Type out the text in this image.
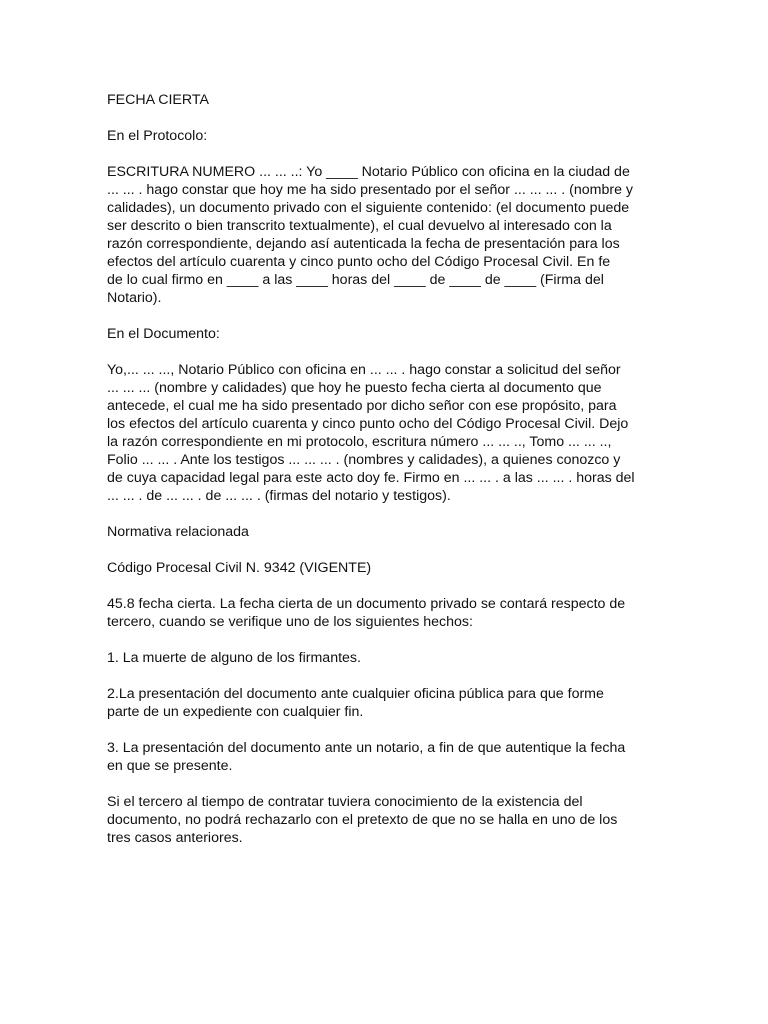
FECHA CIERTA

En el Protocolo:

ESCRITURA NUMERO ... ... ..: Yo ____ Notario Público con oficina en la ciudad de
... ... . hago constar que hoy me ha sido presentado por el señor ... ... ... . (nombre y
calidades), un documento privado con el siguiente contenido: (el documento puede
ser descrito o bien transcrito textualmente), el cual devuelvo al interesado con la
razón correspondiente, dejando así autenticada la fecha de presentación para los
efectos del artículo cuarenta y cinco punto ocho del Código Procesal Civil. En fe
de lo cual firmo en ____ a las ____ horas del ____ de ____ de ____ (Firma del
Notario).

En el Documento:

Yo,... ... ..., Notario Público con oficina en ... ... . hago constar a solicitud del señor
... ... ... (nombre y calidades) que hoy he puesto fecha cierta al documento que
antecede, el cual me ha sido presentado por dicho señor con ese propósito, para
los efectos del artículo cuarenta y cinco punto ocho del Código Procesal Civil. Dejo
la razón correspondiente en mi protocolo, escritura número ... ... .., Tomo ... ... ..,
Folio ... ... . Ante los testigos ... ... ... . (nombres y calidades), a quienes conozco y
de cuya capacidad legal para este acto doy fe. Firmo en ... ... . a las ... ... . horas del
... ... . de ... ... . de ... ... . (firmas del notario y testigos).

Normativa relacionada

Código Procesal Civil N. 9342 (VIGENTE)

45.8 fecha cierta. La fecha cierta de un documento privado se contará respecto de
tercero, cuando se verifique uno de los siguientes hechos:

1. La muerte de alguno de los firmantes.

2.La presentación del documento ante cualquier oficina pública para que forme
parte de un expediente con cualquier fin.

3. La presentación del documento ante un notario, a fin de que autentique la fecha
en que se presente.

Si el tercero al tiempo de contratar tuviera conocimiento de la existencia del
documento, no podrá rechazarlo con el pretexto de que no se halla en uno de los
tres casos anteriores.
